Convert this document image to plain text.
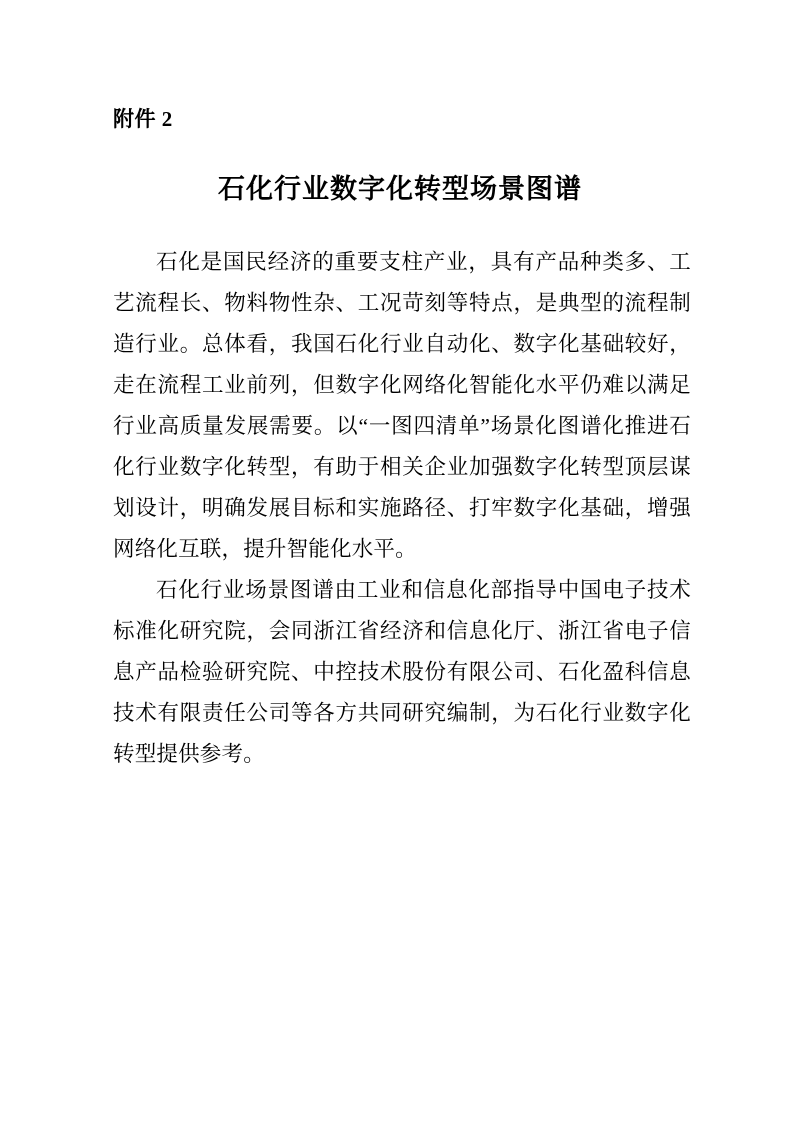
附件 2
石化行业数字化转型场景图谱

石化是国民经济的重要支柱产业，具有产品种类多、工艺流程长、物料物性杂、工况苛刻等特点，是典型的流程制造行业。总体看，我国石化行业自动化、数字化基础较好，走在流程工业前列，但数字化网络化智能化水平仍难以满足行业高质量发展需要。以“一图四清单”场景化图谱化推进石化行业数字化转型，有助于相关企业加强数字化转型顶层谋划设计，明确发展目标和实施路径、打牢数字化基础，增强网络化互联，提升智能化水平。

石化行业场景图谱由工业和信息化部指导中国电子技术标准化研究院，会同浙江省经济和信息化厅、浙江省电子信息产品检验研究院、中控技术股份有限公司、石化盈科信息技术有限责任公司等各方共同研究编制，为石化行业数字化转型提供参考。
